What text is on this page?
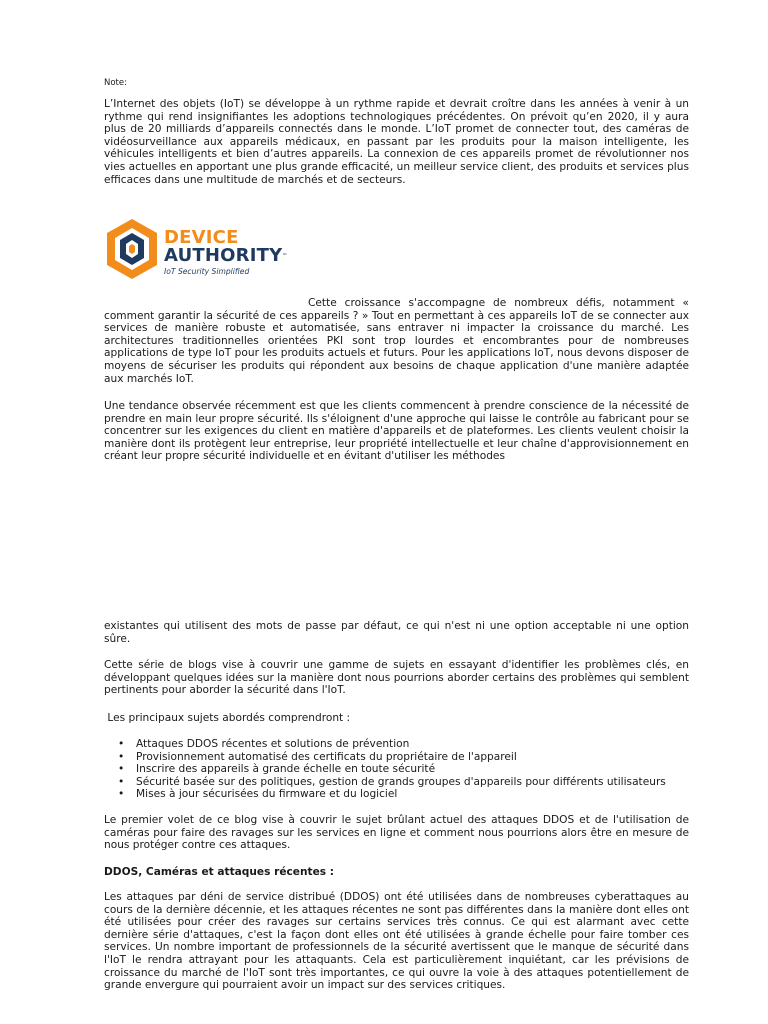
Note:

L’Internet des objets (IoT) se développe à un rythme rapide et devrait croître dans les années à venir à un rythme qui rend insignifiantes les adoptions technologiques précédentes. On prévoit qu’en 2020, il y aura plus de 20 milliards d’appareils connectés dans le monde. L’IoT promet de connecter tout, des caméras de vidéosurveillance aux appareils médicaux, en passant par les produits pour la maison intelligente, les véhicules intelligents et bien d’autres appareils. La connexion de ces appareils promet de révolutionner nos vies actuelles en apportant une plus grande efficacité, un meilleur service client, des produits et services plus efficaces dans une multitude de marchés et de secteurs.

DEVICE
AUTHORITY™
IoT Security Simplified

Cette croissance s'accompagne de nombreux défis, notamment « comment garantir la sécurité de ces appareils ? » Tout en permettant à ces appareils IoT de se connecter aux services de manière robuste et automatisée, sans entraver ni impacter la croissance du marché. Les architectures traditionnelles orientées PKI sont trop lourdes et encombrantes pour de nombreuses applications de type IoT pour les produits actuels et futurs. Pour les applications IoT, nous devons disposer de moyens de sécuriser les produits qui répondent aux besoins de chaque application d'une manière adaptée aux marchés IoT.

Une tendance observée récemment est que les clients commencent à prendre conscience de la nécessité de prendre en main leur propre sécurité. Ils s'éloignent d'une approche qui laisse le contrôle au fabricant pour se concentrer sur les exigences du client en matière d'appareils et de plateformes. Les clients veulent choisir la manière dont ils protègent leur entreprise, leur propriété intellectuelle et leur chaîne d'approvisionnement en créant leur propre sécurité individuelle et en évitant d'utiliser les méthodes

existantes qui utilisent des mots de passe par défaut, ce qui n'est ni une option acceptable ni une option sûre.

Cette série de blogs vise à couvrir une gamme de sujets en essayant d'identifier les problèmes clés, en développant quelques idées sur la manière dont nous pourrions aborder certains des problèmes qui semblent pertinents pour aborder la sécurité dans l'IoT.

Les principaux sujets abordés comprendront :

• Attaques DDOS récentes et solutions de prévention
• Provisionnement automatisé des certificats du propriétaire de l'appareil
• Inscrire des appareils à grande échelle en toute sécurité
• Sécurité basée sur des politiques, gestion de grands groupes d'appareils pour différents utilisateurs
• Mises à jour sécurisées du firmware et du logiciel

Le premier volet de ce blog vise à couvrir le sujet brûlant actuel des attaques DDOS et de l'utilisation de caméras pour faire des ravages sur les services en ligne et comment nous pourrions alors être en mesure de nous protéger contre ces attaques.

DDOS, Caméras et attaques récentes :

Les attaques par déni de service distribué (DDOS) ont été utilisées dans de nombreuses cyberattaques au cours de la dernière décennie, et les attaques récentes ne sont pas différentes dans la manière dont elles ont été utilisées pour créer des ravages sur certains services très connus. Ce qui est alarmant avec cette dernière série d'attaques, c'est la façon dont elles ont été utilisées à grande échelle pour faire tomber ces services. Un nombre important de professionnels de la sécurité avertissent que le manque de sécurité dans l'IoT le rendra attrayant pour les attaquants. Cela est particulièrement inquiétant, car les prévisions de croissance du marché de l'IoT sont très importantes, ce qui ouvre la voie à des attaques potentiellement de grande envergure qui pourraient avoir un impact sur des services critiques.
